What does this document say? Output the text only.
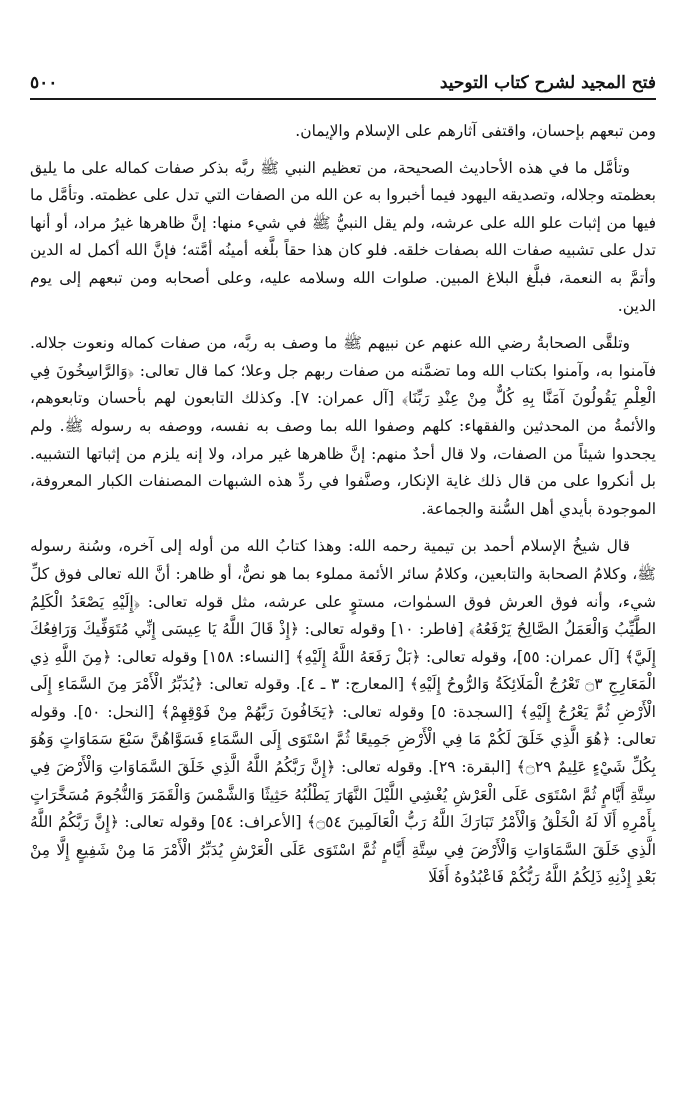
فتح المجيد لشرح كتاب التوحيد
٥٠٠

ومن تبعهم بإحسان، واقتفى آثارهم على الإسلام والإيمان.

وتأمَّل ما في هذه الأحاديث الصحيحة، من تعظيم النبي ﷺ ربَّه بذكر صفات كماله على ما يليق بعظمته وجلاله، وتصديقه اليهود فيما أخبروا به عن الله من الصفات التي تدل على عظمته. وتأمَّل ما فيها من إثبات علو الله على عرشه، ولم يقل النبيُّ ﷺ في شيء منها: إنَّ ظاهرها غيرُ مراد، أو أنها تدل على تشبيه صفات الله بصفات خلقه. فلو كان هذا حقاً بلَّغه أمينُه أمَّته؛ فإنَّ الله أكمل له الدين وأتمَّ به النعمة، فبلَّغ البلاغ المبين. صلوات الله وسلامه عليه، وعلى أصحابه ومن تبعهم إلى يوم الدين.

وتلقَّى الصحابةُ رضي الله عنهم عن نبيهم ﷺ ما وصف به ربَّه، من صفات كماله ونعوت جلاله. فآمنوا به، وآمنوا بكتاب الله وما تضمَّنه من صفات ربهم جل وعلا؛ كما قال تعالى: ﴿وَالرَّاسِخُونَ فِي الْعِلْمِ يَقُولُونَ آمَنَّا بِهِ كُلٌّ مِنْ عِنْدِ رَبِّنَا﴾ [آل عمران: ٧]. وكذلك التابعون لهم بأحسان وتابعوهم، والأئمةُ من المحدثين والفقهاء: كلهم وصفوا الله بما وصف به نفسه، ووصفه به رسوله ﷺ. ولم يجحدوا شيئاً من الصفات، ولا قال أحدٌ منهم: إنَّ ظاهرها غير مراد، ولا إنه يلزم من إثباتها التشبيه. بل أنكروا على من قال ذلك غاية الإنكار، وصنَّفوا في ردِّ هذه الشبهات المصنفات الكبار المعروفة، الموجودة بأيدي أهل السُّنة والجماعة.

قال شيخُ الإسلام أحمد بن تيمية رحمه الله: وهذا كتابُ الله من أوله إلى آخره، وسُنة رسوله ﷺ، وكلامُ الصحابة والتابعين، وكلامُ سائر الأئمة مملوء بما هو نصٌّ، أو ظاهر: أنَّ الله تعالى فوق كلِّ شيء، وأنه فوق العرش فوق السمٰوات، مستوٍ على عرشه، مثل قوله تعالى: ﴿إِلَيْهِ يَصْعَدُ الْكَلِمُ الطَّيِّبُ وَالْعَمَلُ الصَّالِحُ يَرْفَعُهُ﴾ [فاطر: ١٠] وقوله تعالى: ﴿إِذْ قَالَ اللَّهُ يَا عِيسَى إِنِّي مُتَوَفِّيكَ وَرَافِعُكَ إِلَيَّ﴾ [آل عمران: ٥٥]، وقوله تعالى: ﴿بَلْ رَفَعَهُ اللَّهُ إِلَيْهِ﴾ [النساء: ١٥٨] وقوله تعالى: ﴿مِنَ اللَّهِ ذِي الْمَعَارِجِ ۝٣ تَعْرُجُ الْمَلَائِكَةُ وَالرُّوحُ إِلَيْهِ﴾ [المعارج: ٣ ـ ٤]. وقوله تعالى: ﴿يُدَبِّرُ الْأَمْرَ مِنَ السَّمَاءِ إِلَى الْأَرْضِ ثُمَّ يَعْرُجُ إِلَيْهِ﴾ [السجدة: ٥] وقوله تعالى: ﴿يَخَافُونَ رَبَّهُمْ مِنْ فَوْقِهِمْ﴾ [النحل: ٥٠]. وقوله تعالى: ﴿هُوَ الَّذِي خَلَقَ لَكُمْ مَا فِي الْأَرْضِ جَمِيعًا ثُمَّ اسْتَوَى إِلَى السَّمَاءِ فَسَوَّاهُنَّ سَبْعَ سَمَاوَاتٍ وَهُوَ بِكُلِّ شَيْءٍ عَلِيمٌ ۝٢٩﴾ [البقرة: ٢٩]. وقوله تعالى: ﴿إِنَّ رَبَّكُمُ اللَّهُ الَّذِي خَلَقَ السَّمَاوَاتِ وَالْأَرْضَ فِي سِتَّةِ أَيَّامٍ ثُمَّ اسْتَوَى عَلَى الْعَرْشِ يُغْشِي اللَّيْلَ النَّهَارَ يَطْلُبُهُ حَثِيثًا وَالشَّمْسَ وَالْقَمَرَ وَالنُّجُومَ مُسَخَّرَاتٍ بِأَمْرِهِ أَلَا لَهُ الْخَلْقُ وَالْأَمْرُ تَبَارَكَ اللَّهُ رَبُّ الْعَالَمِينَ ۝٥٤﴾ [الأعراف: ٥٤] وقوله تعالى: ﴿إِنَّ رَبَّكُمُ اللَّهُ الَّذِي خَلَقَ السَّمَاوَاتِ وَالْأَرْضَ فِي سِتَّةِ أَيَّامٍ ثُمَّ اسْتَوَى عَلَى الْعَرْشِ يُدَبِّرُ الْأَمْرَ مَا مِنْ شَفِيعٍ إِلَّا مِنْ بَعْدِ إِذْنِهِ ذَلِكُمُ اللَّهُ رَبُّكُمْ فَاعْبُدُوهُ أَفَلَا
